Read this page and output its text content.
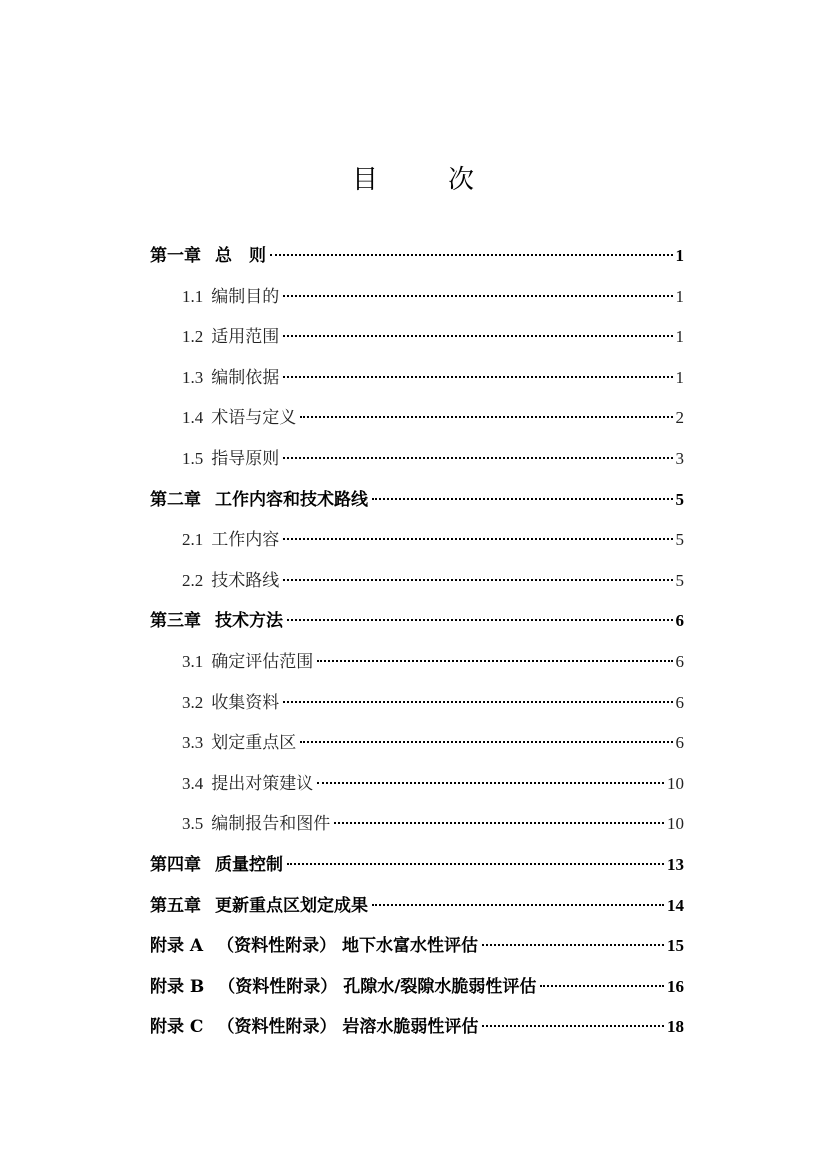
目　次
第一章 总　则	1
1.1 编制目的	1
1.2 适用范围	1
1.3 编制依据	1
1.4 术语与定义	2
1.5 指导原则	3
第二章 工作内容和技术路线	5
2.1 工作内容	5
2.2 技术路线	5
第三章 技术方法	6
3.1 确定评估范围	6
3.2 收集资料	6
3.3 划定重点区	6
3.4 提出对策建议	10
3.5 编制报告和图件	10
第四章 质量控制	13
第五章 更新重点区划定成果	14
附录 A （资料性附录） 地下水富水性评估	15
附录 B （资料性附录） 孔隙水/裂隙水脆弱性评估	16
附录 C （资料性附录） 岩溶水脆弱性评估	18
